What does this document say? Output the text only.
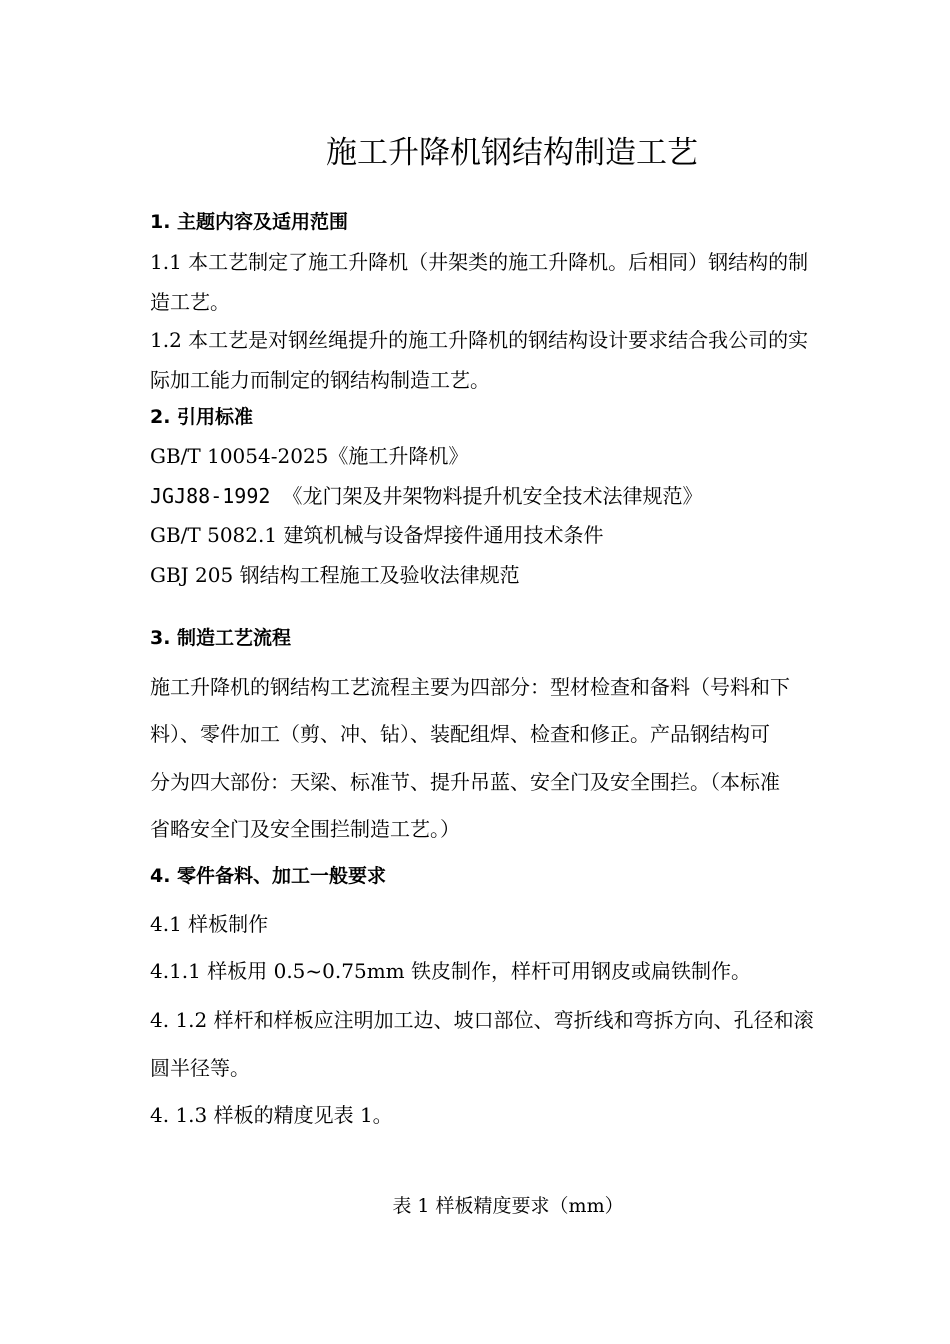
施工升降机钢结构制造工艺
1. 主题内容及适用范围
1.1 本工艺制定了施工升降机（井架类的施工升降机。后相同）钢结构的制
造工艺。
1.2 本工艺是对钢丝绳提升的施工升降机的钢结构设计要求结合我公司的实
际加工能力而制定的钢结构制造工艺。
2. 引用标准
GB/T 10054-2025《施工升降机》
JGJ88-1992 《龙门架及井架物料提升机安全技术法律规范》
GB/T 5082.1 建筑机械与设备焊接件通用技术条件
GBJ 205 钢结构工程施工及验收法律规范
3. 制造工艺流程
施工升降机的钢结构工艺流程主要为四部分：型材检查和备料（号料和下
料）、零件加工（剪、冲、钻）、装配组焊、检查和修正。产品钢结构可
分为四大部份：天梁、标准节、提升吊蓝、安全门及安全围拦。（本标准
省略安全门及安全围拦制造工艺。）
4. 零件备料、加工一般要求
4.1 样板制作
4.1.1 样板用 0.5~0.75mm 铁皮制作，样杆可用钢皮或扁铁制作。
4. 1.2 样杆和样板应注明加工边、坡口部位、弯折线和弯拆方向、孔径和滚
圆半径等。
4. 1.3 样板的精度见表 1。
表 1 样板精度要求（mm）
